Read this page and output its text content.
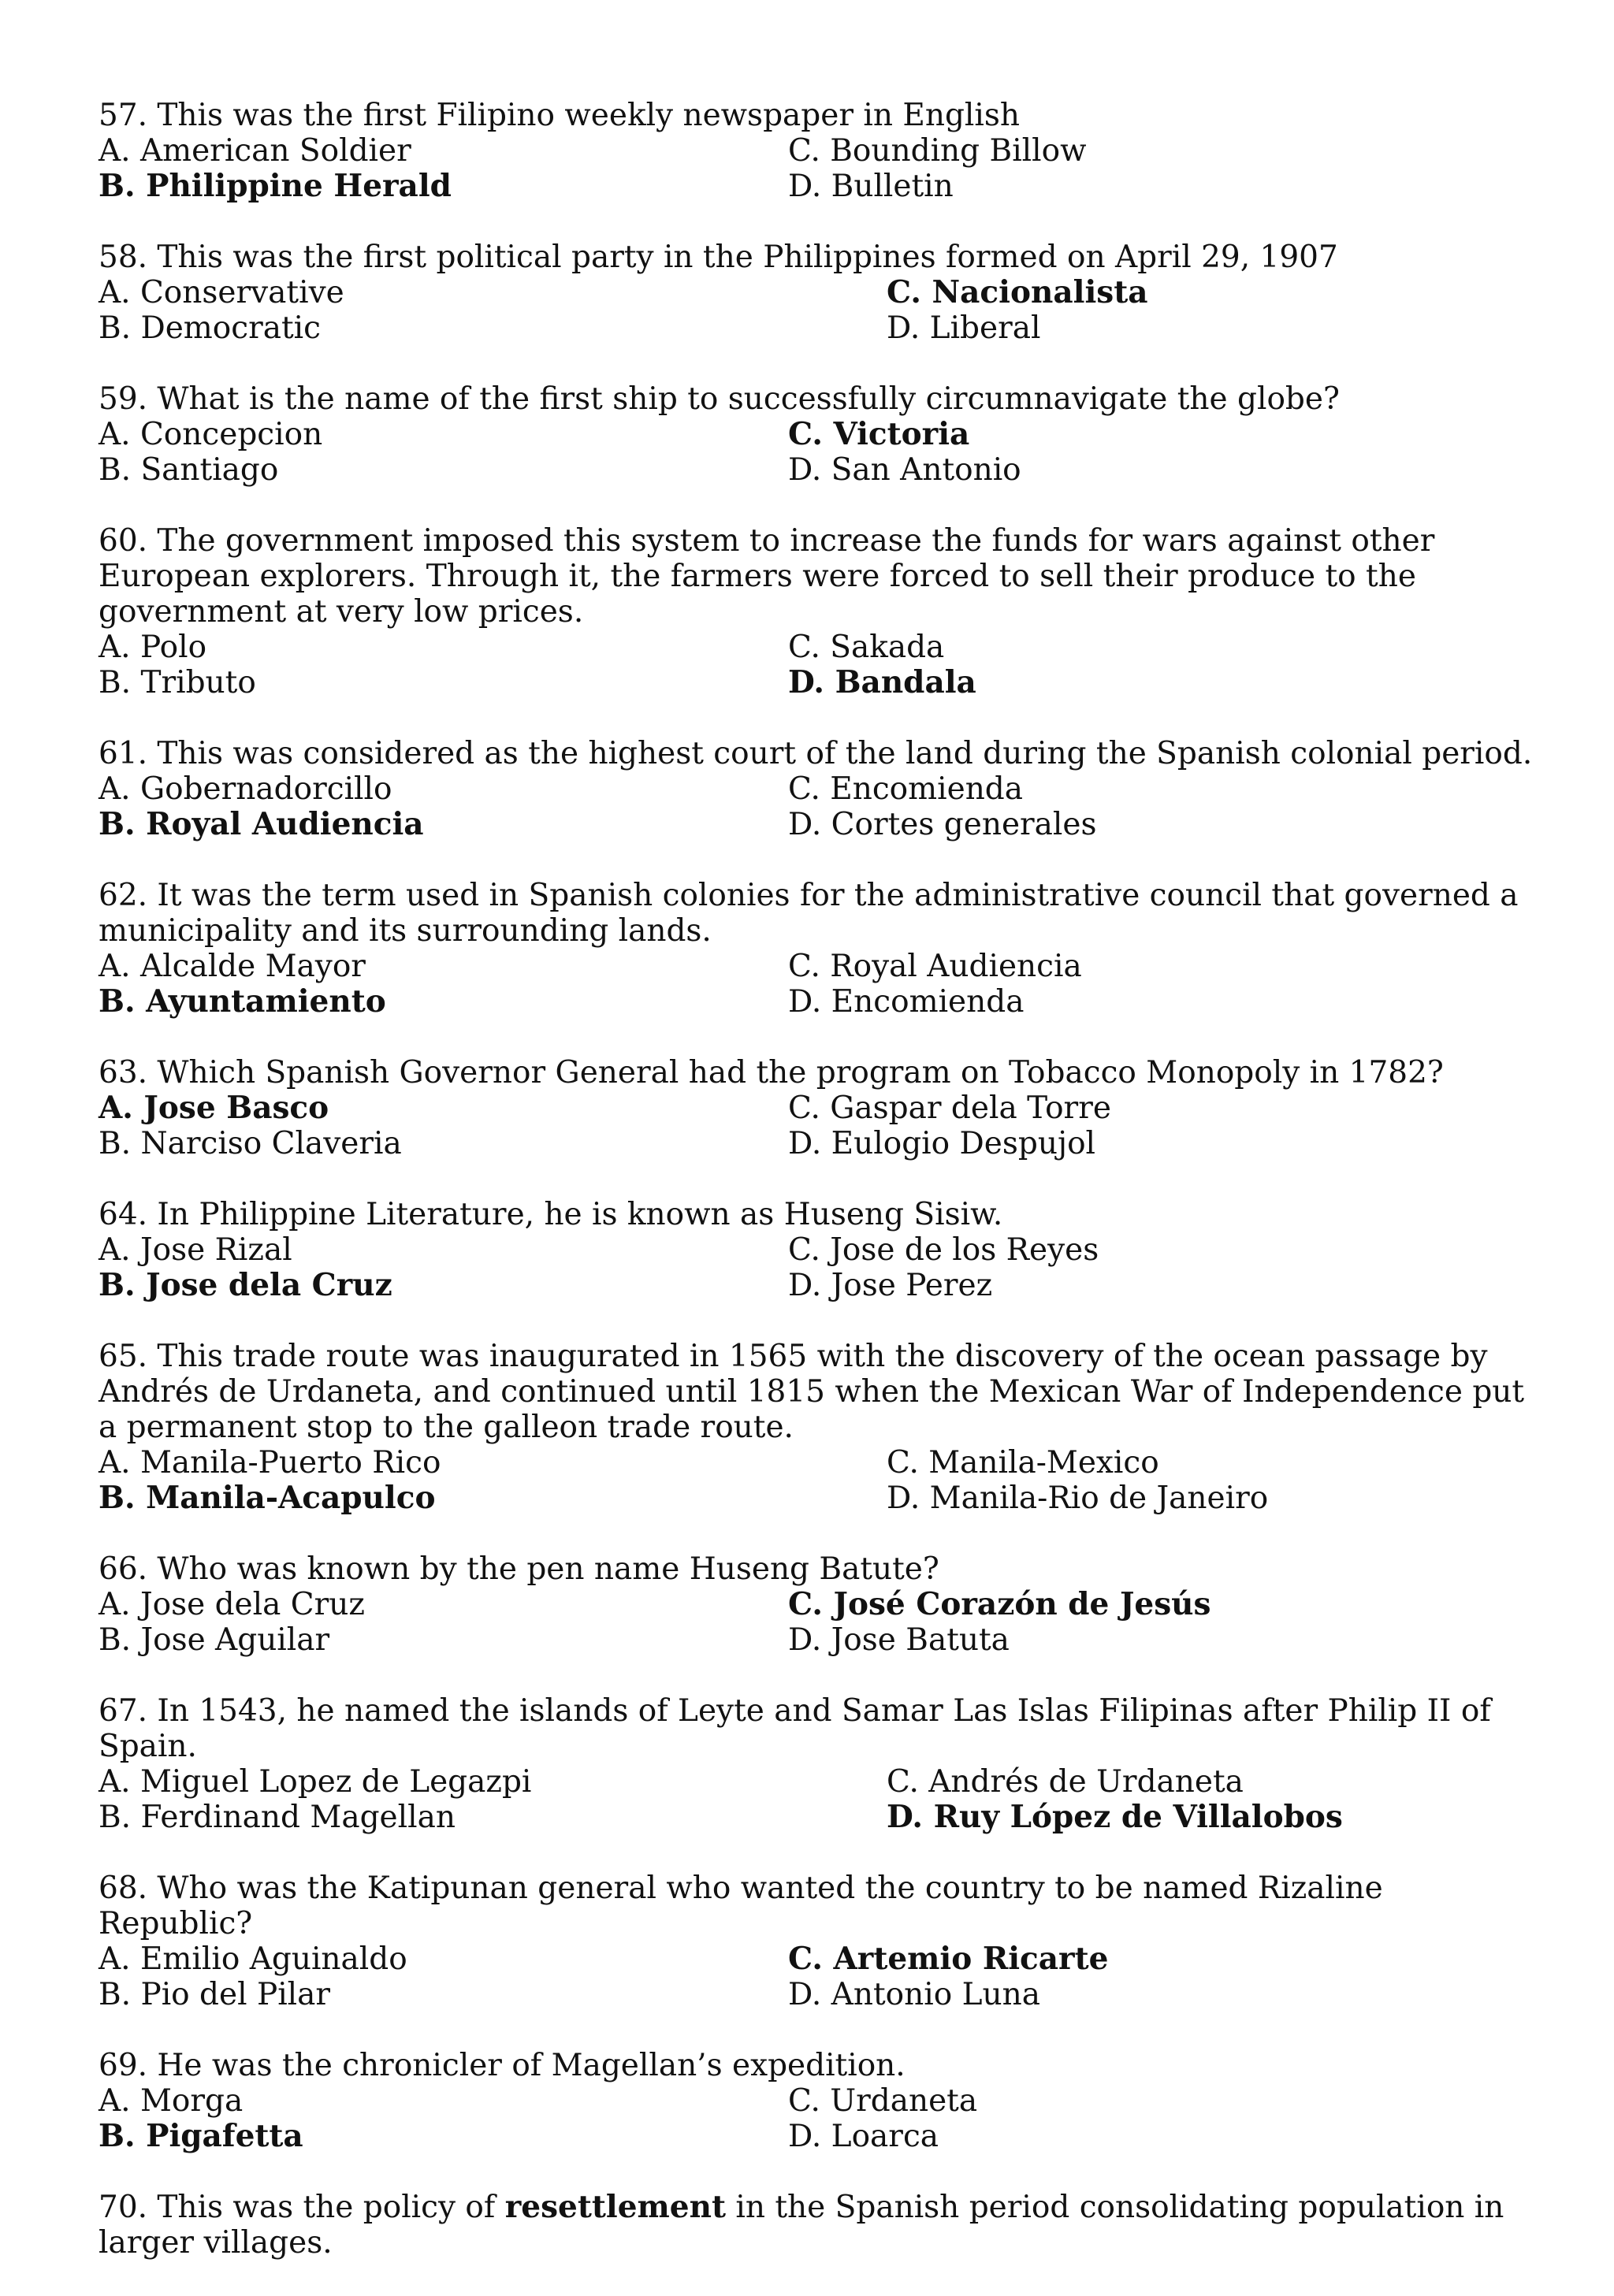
57. This was the first Filipino weekly newspaper in English
A. American Soldier	C. Bounding Billow
B. Philippine Herald	D. Bulletin
58. This was the first political party in the Philippines formed on April 29, 1907
A. Conservative	C. Nacionalista
B. Democratic	D. Liberal
59. What is the name of the first ship to successfully circumnavigate the globe?
A. Concepcion	C. Victoria
B. Santiago	D. San Antonio
60. The government imposed this system to increase the funds for wars against other European explorers. Through it, the farmers were forced to sell their produce to the government at very low prices.
A. Polo	C. Sakada
B. Tributo	D. Bandala
61. This was considered as the highest court of the land during the Spanish colonial period.
A. Gobernadorcillo	C. Encomienda
B. Royal Audiencia	D. Cortes generales
62. It was the term used in Spanish colonies for the administrative council that governed a municipality and its surrounding lands.
A. Alcalde Mayor	C. Royal Audiencia
B. Ayuntamiento	D. Encomienda
63. Which Spanish Governor General had the program on Tobacco Monopoly in 1782?
A. Jose Basco	C. Gaspar dela Torre
B. Narciso Claveria	D. Eulogio Despujol
64. In Philippine Literature, he is known as Huseng Sisiw.
A. Jose Rizal	C. Jose de los Reyes
B. Jose dela Cruz	D. Jose Perez
65. This trade route was inaugurated in 1565 with the discovery of the ocean passage by Andrés de Urdaneta, and continued until 1815 when the Mexican War of Independence put a permanent stop to the galleon trade route.
A. Manila-Puerto Rico	C. Manila-Mexico
B. Manila-Acapulco	D. Manila-Rio de Janeiro
66. Who was known by the pen name Huseng Batute?
A. Jose dela Cruz	C. José Corazón de Jesús
B. Jose Aguilar	D. Jose Batuta
67. In 1543, he named the islands of Leyte and Samar Las Islas Filipinas after Philip II of Spain.
A. Miguel Lopez de Legazpi	C. Andrés de Urdaneta
B. Ferdinand Magellan	D. Ruy López de Villalobos
68. Who was the Katipunan general who wanted the country to be named Rizaline Republic?
A. Emilio Aguinaldo	C. Artemio Ricarte
B. Pio del Pilar	D. Antonio Luna
69. He was the chronicler of Magellan’s expedition.
A. Morga	C. Urdaneta
B. Pigafetta	D. Loarca
70. This was the policy of resettlement in the Spanish period consolidating population in larger villages.
